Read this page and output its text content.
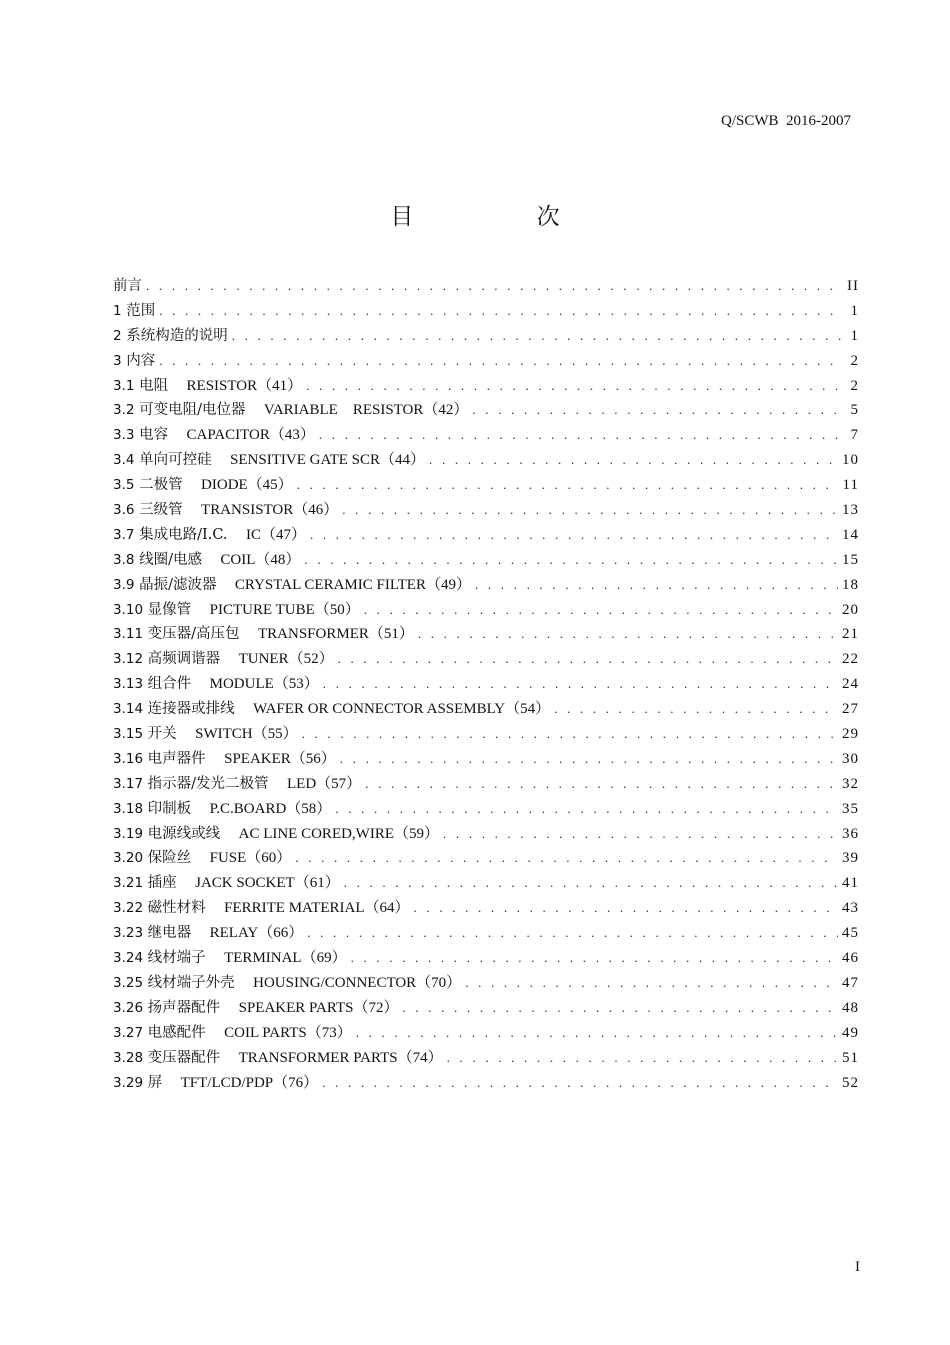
Q/SCWB  2016-2007
目 次
前言 . . .	II
1 范围 . . .	1
2 系统构造的说明 . . .	1
3 内容 . . .	2
3.1 电阻 RESISTOR（41） . . .	2
3.2 可变电阻/电位器 VARIABLE    RESISTOR（42） . . .	5
3.3 电容 CAPACITOR（43） . . .	7
3.4 单向可控硅 SENSITIVE GATE SCR（44） . . .	10
3.5 二极管 DIODE（45） . . .	11
3.6 三级管 TRANSISTOR（46） . . .	13
3.7 集成电路/I.C. IC（47） . . .	14
3.8 线圈/电感 COIL（48） . . .	15
3.9 晶振/滤波器 CRYSTAL CERAMIC FILTER（49） . . .	18
3.10 显像管 PICTURE TUBE（50） . . .	20
3.11 变压器/高压包 TRANSFORMER（51） . . .	21
3.12 高频调谐器 TUNER（52） . . .	22
3.13 组合件 MODULE（53） . . .	24
3.14 连接器或排线 WAFER OR CONNECTOR ASSEMBLY（54） . . .	27
3.15 开关 SWITCH（55） . . .	29
3.16 电声器件 SPEAKER（56） . . .	30
3.17 指示器/发光二极管 LED（57） . . .	32
3.18 印制板 P.C.BOARD（58） . . .	35
3.19 电源线或线 AC LINE CORED,WIRE（59） . . .	36
3.20 保险丝 FUSE（60） . . .	39
3.21 插座 JACK SOCKET（61） . . .	41
3.22 磁性材料 FERRITE MATERIAL（64） . . .	43
3.23 继电器 RELAY（66） . . .	45
3.24 线材端子 TERMINAL（69） . . .	46
3.25 线材端子外壳 HOUSING/CONNECTOR（70） . . .	47
3.26 扬声器配件 SPEAKER PARTS（72） . . .	48
3.27 电感配件 COIL PARTS（73） . . .	49
3.28 变压器配件 TRANSFORMER PARTS（74） . . .	51
3.29 屏 TFT/LCD/PDP（76） . . .	52
I
